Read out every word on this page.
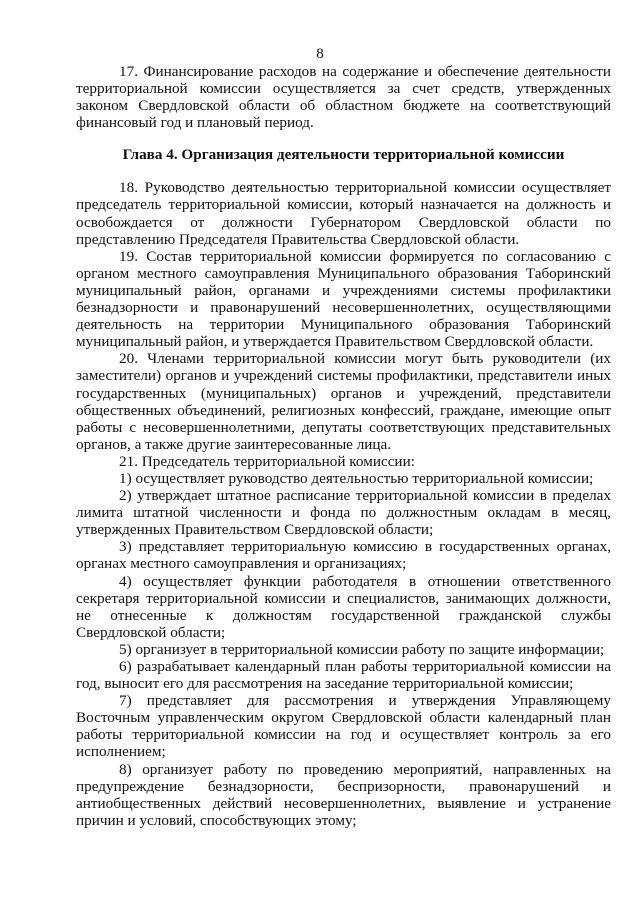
8

17. Финансирование расходов на содержание и обеспечение деятельности территориальной комиссии осуществляется за счет средств, утвержденных законом Свердловской области об областном бюджете на соответствующий финансовый год и плановый период.

Глава 4. Организация деятельности территориальной комиссии

18. Руководство деятельностью территориальной комиссии осуществляет председатель территориальной комиссии, который назначается на должность и освобождается от должности Губернатором Свердловской области по представлению Председателя Правительства Свердловской области.

19. Состав территориальной комиссии формируется по согласованию с органом местного самоуправления Муниципального образования Таборинский муниципальный район, органами и учреждениями системы профилактики безнадзорности и правонарушений несовершеннолетних, осуществляющими деятельность на территории Муниципального образования Таборинский муниципальный район, и утверждается Правительством Свердловской области.

20. Членами территориальной комиссии могут быть руководители (их заместители) органов и учреждений системы профилактики, представители иных государственных (муниципальных) органов и учреждений, представители общественных объединений, религиозных конфессий, граждане, имеющие опыт работы с несовершеннолетними, депутаты соответствующих представительных органов, а также другие заинтересованные лица.

21. Председатель территориальной комиссии:

1) осуществляет руководство деятельностью территориальной комиссии;

2) утверждает штатное расписание территориальной комиссии в пределах лимита штатной численности и фонда по должностным окладам в месяц, утвержденных Правительством Свердловской области;

3) представляет территориальную комиссию в государственных органах, органах местного самоуправления и организациях;

4) осуществляет функции работодателя в отношении ответственного секретаря территориальной комиссии и специалистов, занимающих должности, не отнесенные к должностям государственной гражданской службы Свердловской области;

5) организует в территориальной комиссии работу по защите информации;

6) разрабатывает календарный план работы территориальной комиссии на год, выносит его для рассмотрения на заседание территориальной комиссии;

7) представляет для рассмотрения и утверждения Управляющему Восточным управленческим округом Свердловской области календарный план работы территориальной комиссии на год и осуществляет контроль за его исполнением;

8) организует работу по проведению мероприятий, направленных на предупреждение безнадзорности, беспризорности, правонарушений и антиобщественных действий несовершеннолетних, выявление и устранение причин и условий, способствующих этому;
